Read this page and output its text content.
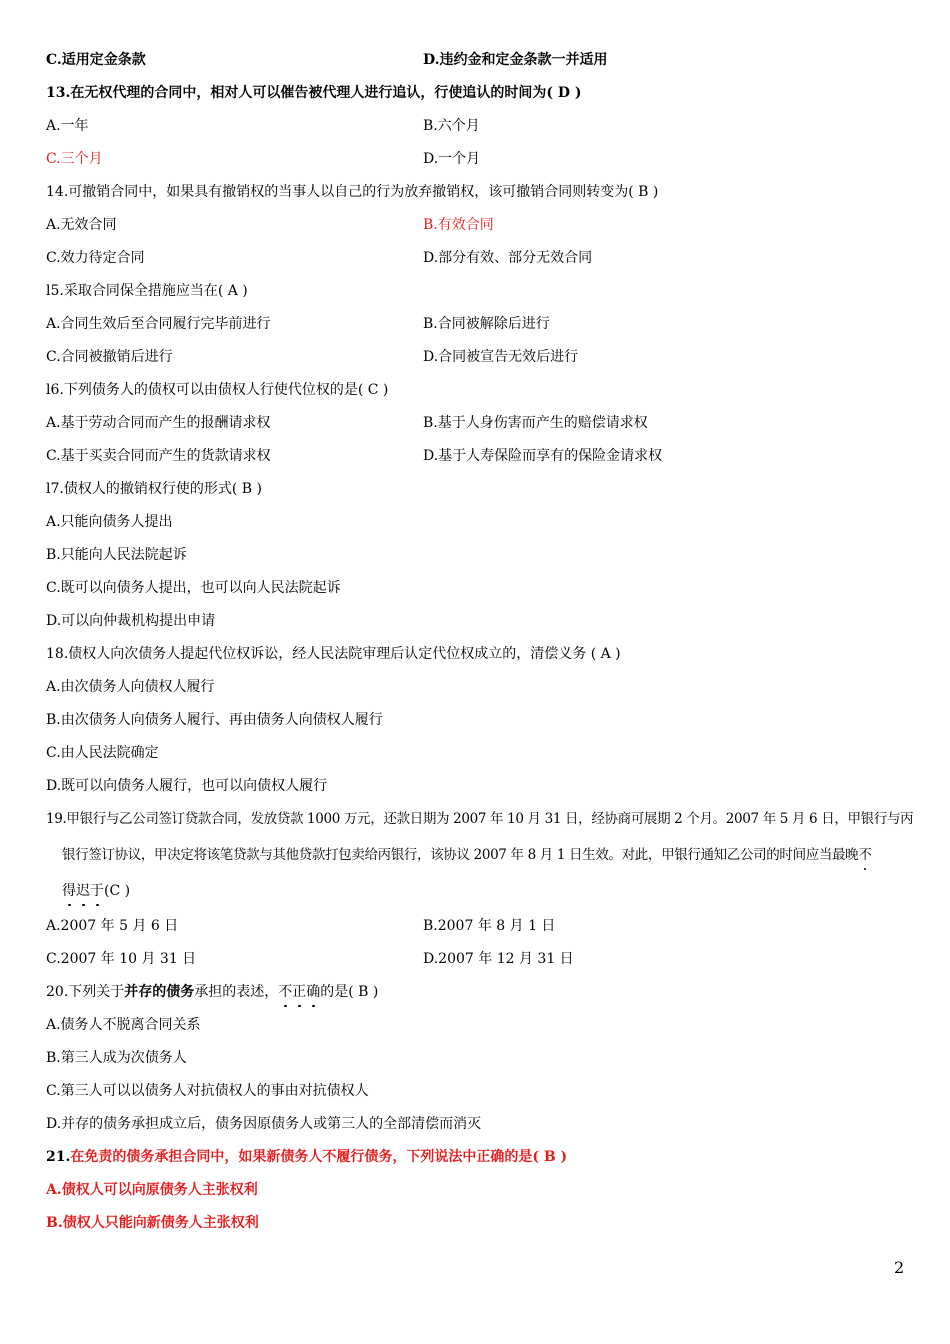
C.适用定金条款	D.违约金和定金条款一并适用
13.在无权代理的合同中，相对人可以催告被代理人进行追认，行使追认的时间为( D )
A.一年	B.六个月
C.三个月	D.一个月
14.可撤销合同中，如果具有撤销权的当事人以自己的行为放弃撤销权，该可撤销合同则转变为( B )
A.无效合同	B.有效合同
C.效力待定合同	D.部分有效、部分无效合同
l5.采取合同保全措施应当在( A )
A.合同生效后至合同履行完毕前进行	B.合同被解除后进行
C.合同被撤销后进行	D.合同被宣告无效后进行
l6.下列债务人的债权可以由债权人行使代位权的是( C )
A.基于劳动合同而产生的报酬请求权	B.基于人身伤害而产生的赔偿请求权
C.基于买卖合同而产生的货款请求权	D.基于人寿保险而享有的保险金请求权
l7.债权人的撤销权行使的形式( B )
A.只能向债务人提出
B.只能向人民法院起诉
C.既可以向债务人提出，也可以向人民法院起诉
D.可以向仲裁机构提出申请
18.债权人向次债务人提起代位权诉讼，经人民法院审理后认定代位权成立的，清偿义务 ( A )
A.由次债务人向债权人履行
B.由次债务人向债务人履行、再由债务人向债权人履行
C.由人民法院确定
D.既可以向债务人履行，也可以向债权人履行
19.甲银行与乙公司签订贷款合同，发放贷款 1000 万元，还款日期为 2007 年 10 月 31 日，经协商可展期 2 个月。2007 年 5 月 6 日，甲银行与丙
银行签订协议，甲决定将该笔贷款与其他贷款打包卖给丙银行，该协议 2007 年 8 月 1 日生效。对此，甲银行通知乙公司的时间应当最晚不
得迟于(C )
A.2007 年 5 月 6 日	B.2007 年 8 月 1 日
C.2007 年 10 月 31 日	D.2007 年 12 月 31 日
20.下列关于并存的债务承担的表述，不正确的是( B )
A.债务人不脱离合同关系
B.第三人成为次债务人
C.第三人可以以债务人对抗债权人的事由对抗债权人
D.并存的债务承担成立后，债务因原债务人或第三人的全部清偿而消灭
21.在免责的债务承担合同中，如果新债务人不履行债务，下列说法中正确的是( B )
A.债权人可以向原债务人主张权利
B.债权人只能向新债务人主张权利
2
